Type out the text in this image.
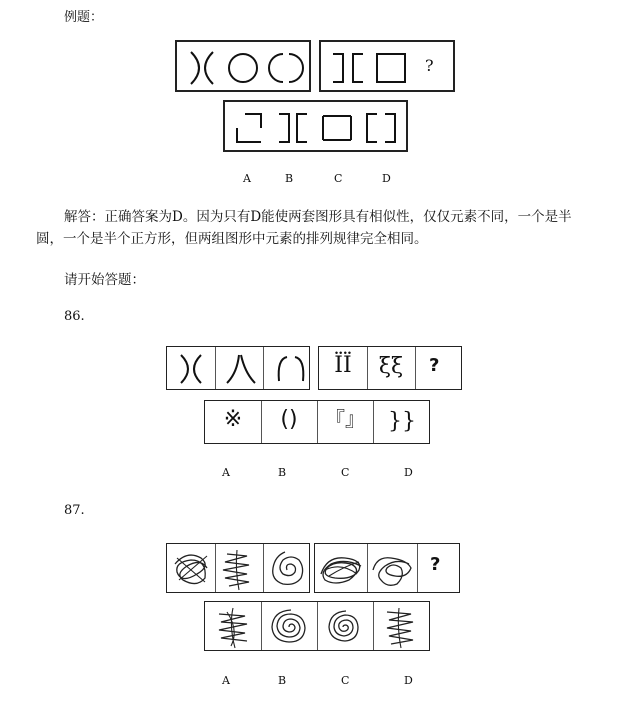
例题：
?
A	B	C	D
解答：正确答案为D。因为只有D能使两套图形具有相似性，仅仅元素不同，一个是半圆，一个是半个正方形，但两组图形中元素的排列规律完全相同。
请开始答题：
86.
ÏÏ	ξξ	?
※	()	『』	}}
A	B	C	D
87.
?
A	B	C	D
